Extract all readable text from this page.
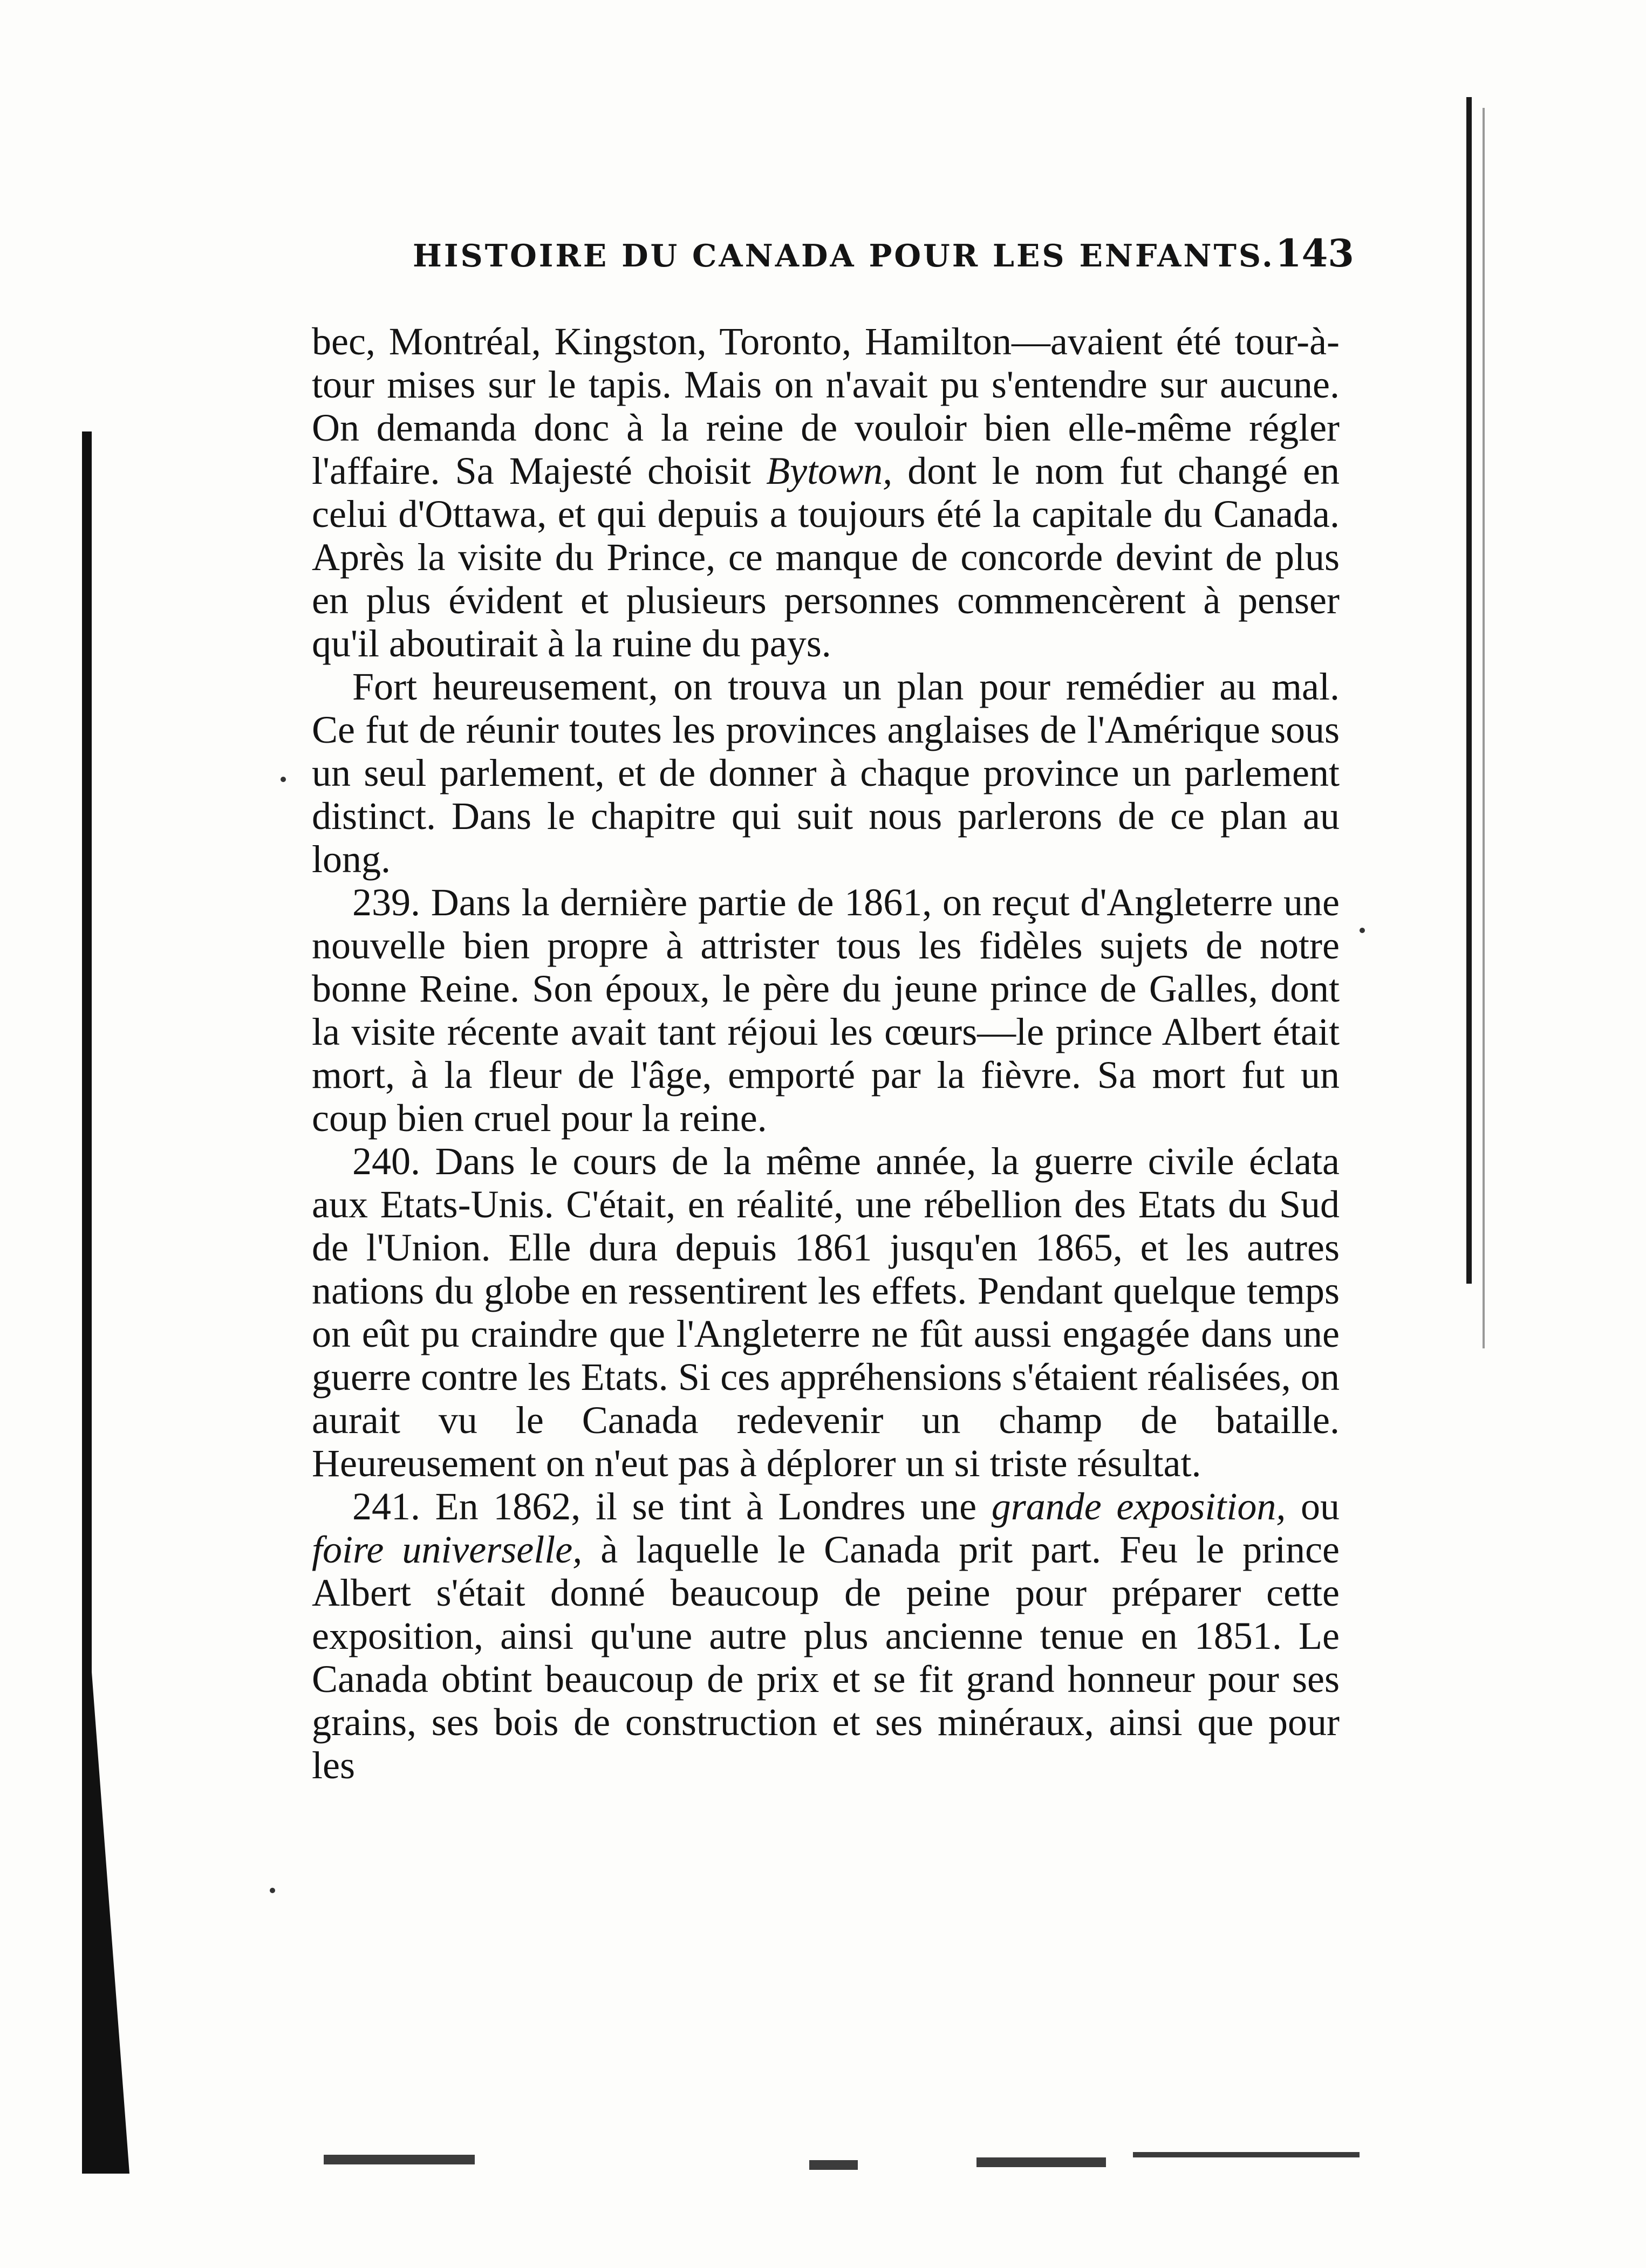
HISTOIRE DU CANADA POUR LES ENFANTS. 143

bec, Montréal, Kingston, Toronto, Hamilton—avaient été tour-à-tour mises sur le tapis. Mais on n'avait pu s'entendre sur aucune. On demanda donc à la reine de vouloir bien elle-même régler l'affaire. Sa Majesté choisit Bytown, dont le nom fut changé en celui d'Ottawa, et qui depuis a toujours été la capitale du Canada. Après la visite du Prince, ce manque de concorde devint de plus en plus évident et plusieurs personnes commencèrent à penser qu'il aboutirait à la ruine du pays.

Fort heureusement, on trouva un plan pour remédier au mal. Ce fut de réunir toutes les provinces anglaises de l'Amérique sous un seul parlement, et de donner à chaque province un parlement distinct. Dans le chapitre qui suit nous parlerons de ce plan au long.

239. Dans la dernière partie de 1861, on reçut d'Angleterre une nouvelle bien propre à attrister tous les fidèles sujets de notre bonne Reine. Son époux, le père du jeune prince de Galles, dont la visite récente avait tant réjoui les cœurs—le prince Albert était mort, à la fleur de l'âge, emporté par la fièvre. Sa mort fut un coup bien cruel pour la reine.

240. Dans le cours de la même année, la guerre civile éclata aux Etats-Unis. C'était, en réalité, une rébellion des Etats du Sud de l'Union. Elle dura depuis 1861 jusqu'en 1865, et les autres nations du globe en ressentirent les effets. Pendant quelque temps on eût pu craindre que l'Angleterre ne fût aussi engagée dans une guerre contre les Etats. Si ces appréhensions s'étaient réalisées, on aurait vu le Canada redevenir un champ de bataille. Heureusement on n'eut pas à déplorer un si triste résultat.

241. En 1862, il se tint à Londres une grande exposition, ou foire universelle, à laquelle le Canada prit part. Feu le prince Albert s'était donné beaucoup de peine pour préparer cette exposition, ainsi qu'une autre plus ancienne tenue en 1851. Le Canada obtint beaucoup de prix et se fit grand honneur pour ses grains, ses bois de construction et ses minéraux, ainsi que pour les
